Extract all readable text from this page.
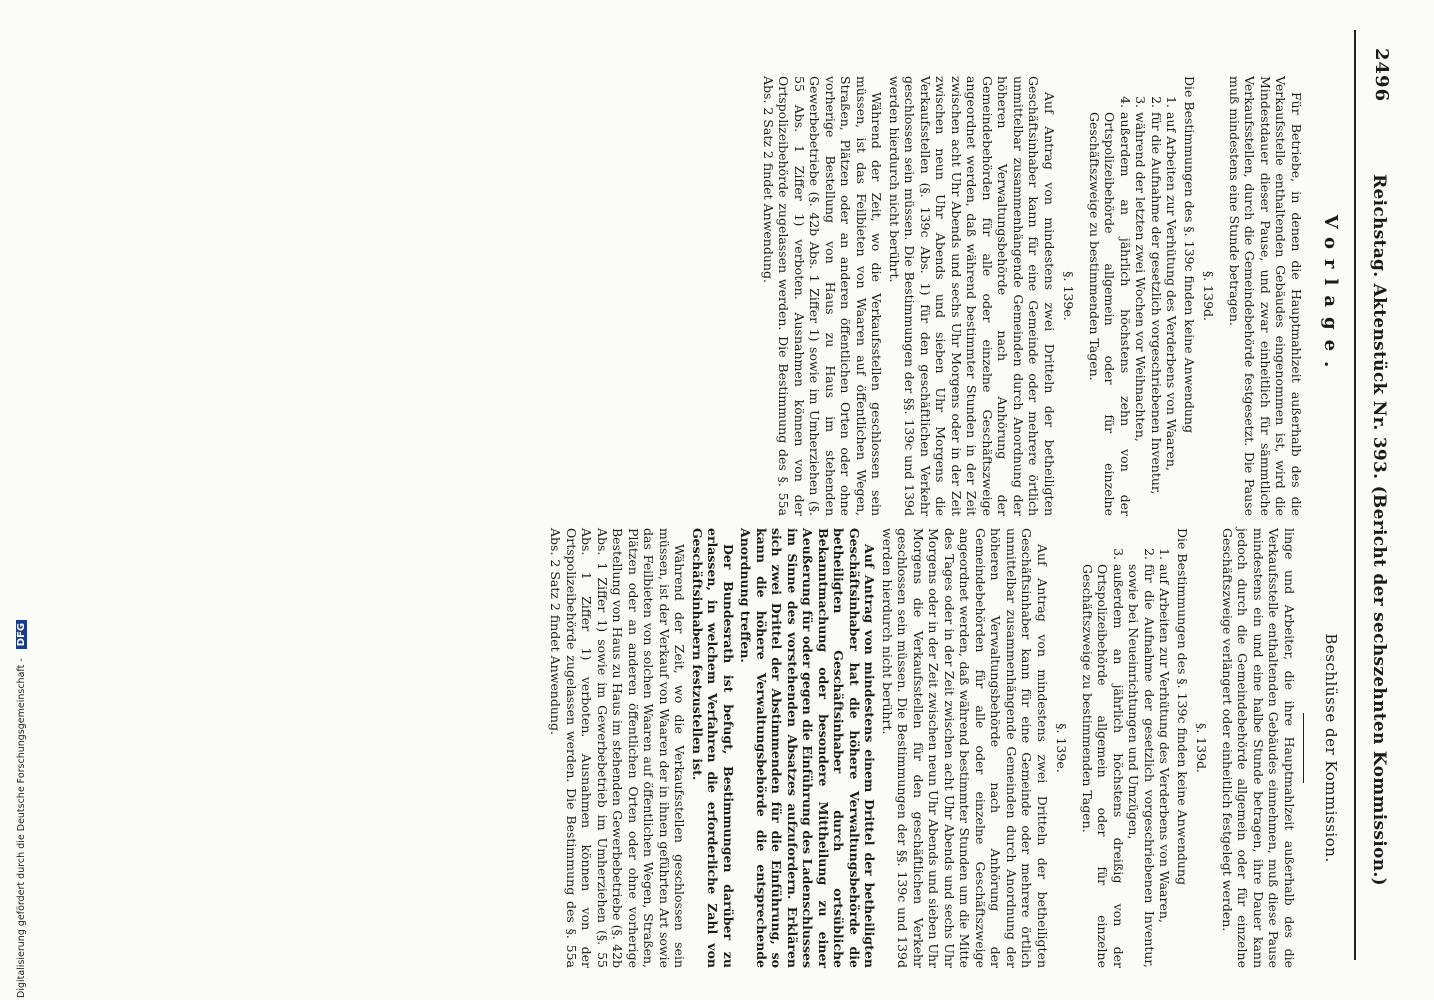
2496
Reichstag. Aktenstück Nr. 393. (Bericht der sechszehnten Kommission.)
Vorlage.

Für Betriebe, in denen die Hauptmahlzeit außerhalb des die Verkaufsstelle enthaltenden Gebäudes eingenommen ist, wird die Mindestdauer dieser Pause, und zwar einheitlich für sämmtliche Verkaufsstellen, durch die Gemeindebehörde festgesetzt. Die Pause muß mindestens eine Stunde betragen.

§. 139d.

Die Bestimmungen des §. 139c finden keine Anwendung

1. auf Arbeiten zur Verhütung des Verderbens von Waaren,
2. für die Aufnahme der gesetzlich vorgeschriebenen Inventur,
3. während der letzten zwei Wochen vor Weihnachten,
4. außerdem an jährlich höchstens zehn von der Ortspolizeibehörde allgemein oder für einzelne Geschäftszweige zu bestimmenden Tagen.

§. 139e.

Auf Antrag von mindestens zwei Dritteln der betheiligten Geschäftsinhaber kann für eine Gemeinde oder mehrere örtlich unmittelbar zusammenhängende Gemeinden durch Anordnung der höheren Verwaltungsbehörde nach Anhörung der Gemeindebehörden für alle oder einzelne Geschäftszweige angeordnet werden, daß während bestimmter Stunden in der Zeit zwischen acht Uhr Abends und sechs Uhr Morgens oder in der Zeit zwischen neun Uhr Abends und sieben Uhr Morgens die Verkaufsstellen (§. 139c Abs. 1) für den geschäftlichen Verkehr geschlossen sein müssen. Die Bestimmungen der §§. 139c und 139d werden hierdurch nicht berührt.

Während der Zeit, wo die Verkaufsstellen geschlossen sein müssen, ist das Feilbieten von Waaren auf öffentlichen Wegen, Straßen, Plätzen oder an anderen öffentlichen Orten oder ohne vorherige Bestellung von Haus zu Haus im stehenden Gewerbebetriebe (§. 42b Abs. 1 Ziffer 1) sowie im Umherziehen (§. 55 Abs. 1 Ziffer 1) verboten. Ausnahmen können von der Ortspolizeibehörde zugelassen werden. Die Bestimmung des §. 55a Abs. 2 Satz 2 findet Anwendung.

Beschlüsse der Kommission.

linge und Arbeiter, die ihre Hauptmahlzeit außerhalb des die Verkaufsstelle enthaltenden Gebäudes einnehmen, muß diese Pause mindestens ein und eine halbe Stunde betragen, ihre Dauer kann jedoch durch die Gemeindebehörde allgemein oder für einzelne Geschäftszweige verlängert oder einheitlich festgelegt werden.

§. 139d.

Die Bestimmungen des §. 139c finden keine Anwendung

1. auf Arbeiten zur Verhütung des Verderbens von Waaren,
2. für die Aufnahme der gesetzlich vorgeschriebenen Inventur, sowie bei Neueinrichtungen und Umzügen,
3. außerdem an jährlich höchstens dreißig von der Ortspolizeibehörde allgemein oder für einzelne Geschäftszweige zu bestimmenden Tagen.

§. 139e.

Auf Antrag von mindestens zwei Dritteln der betheiligten Geschäftsinhaber kann für eine Gemeinde oder mehrere örtlich unmittelbar zusammenhängende Gemeinden durch Anordnung der höheren Verwaltungsbehörde nach Anhörung der Gemeindebehörden für alle oder einzelne Geschäftszweige angeordnet werden, daß während bestimmter Stunden um die Mitte des Tages oder in der Zeit zwischen acht Uhr Abends und sechs Uhr Morgens oder in der Zeit zwischen neun Uhr Abends und sieben Uhr Morgens die Verkaufsstellen für den geschäftlichen Verkehr geschlossen sein müssen. Die Bestimmungen der §§. 139c und 139d werden hierdurch nicht berührt.

Auf Antrag von mindestens einem Drittel der betheiligten Geschäftsinhaber hat die höhere Verwaltungsbehörde die betheiligten Geschäftsinhaber durch ortsübliche Bekanntmachung oder besondere Mittheilung zu einer Aeußerung für oder gegen die Einführung des Ladenschlusses im Sinne des vorstehenden Absatzes aufzufordern. Erklären sich zwei Drittel der Abstimmenden für die Einführung, so kann die höhere Verwaltungsbehörde die entsprechende Anordnung treffen.

Der Bundesrath ist befugt, Bestimmungen darüber zu erlassen, in welchem Verfahren die erforderliche Zahl von Geschäftsinhabern festzustellen ist.

Während der Zeit, wo die Verkaufsstellen geschlossen sein müssen, ist der Verkauf von Waaren der in ihnen geführten Art sowie das Feilbieten von solchen Waaren auf öffentlichen Wegen, Straßen, Plätzen oder an anderen öffentlichen Orten oder ohne vorherige Bestellung von Haus zu Haus im stehenden Gewerbebetriebe (§. 42b Abs. 1 Ziffer 1) sowie im Gewerbebetrieb im Umherziehen (§. 55 Abs. 1 Ziffer 1) verboten. Ausnahmen können von der Ortspolizeibehörde zugelassen werden. Die Bestimmung des §. 55a Abs. 2 Satz 2 findet Anwendung.

Digitalisierung gefördert durch die Deutsche Forschungsgemeinschaft - DFG
